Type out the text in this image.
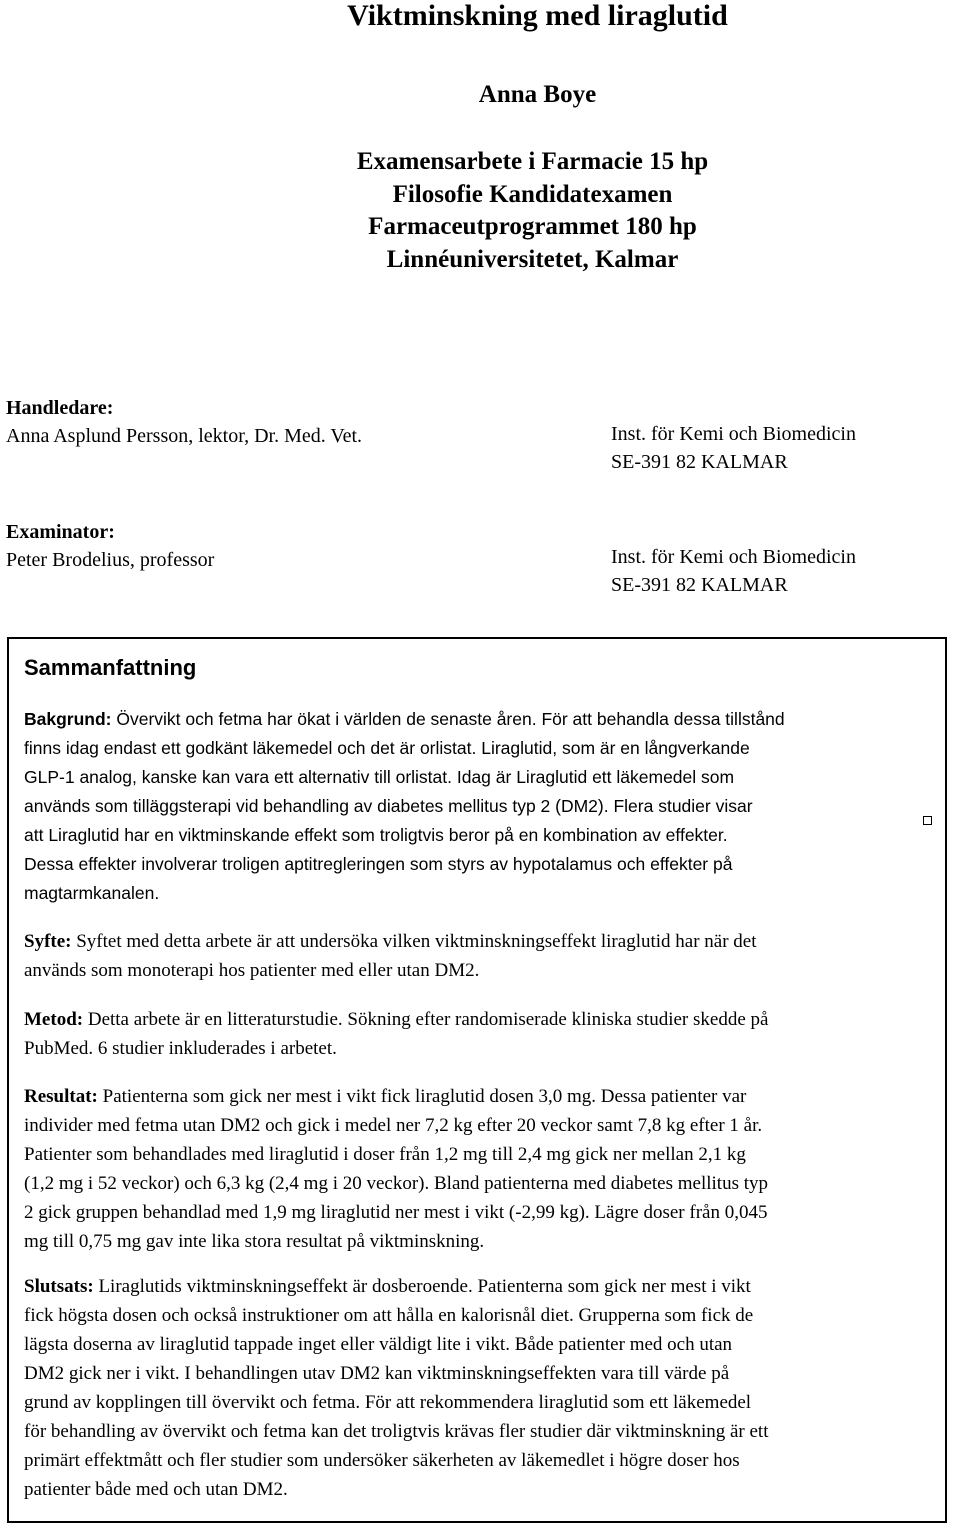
Viktminskning med liraglutid
Anna Boye
Examensarbete i Farmacie 15 hp
Filosofie Kandidatexamen
Farmaceutprogrammet 180 hp
Linnéuniversitetet, Kalmar
Handledare:
Anna Asplund Persson, lektor, Dr. Med. Vet.	Inst. för Kemi och Biomedicin
SE-391 82 KALMAR
Examinator:
Peter Brodelius, professor	Inst. för Kemi och Biomedicin
SE-391 82 KALMAR
Sammanfattning
Bakgrund: Övervikt och fetma har ökat i världen de senaste åren. För att behandla dessa tillstånd
finns idag endast ett godkänt läkemedel och det är orlistat. Liraglutid, som är en långverkande
GLP-1 analog, kanske kan vara ett alternativ till orlistat. Idag är Liraglutid ett läkemedel som
används som tilläggsterapi vid behandling av diabetes mellitus typ 2 (DM2). Flera studier visar
att Liraglutid har en viktminskande effekt som troligtvis beror på en kombination av effekter.
Dessa effekter involverar troligen aptitregleringen som styrs av hypotalamus och effekter på
magtarmkanalen.
Syfte: Syftet med detta arbete är att undersöka vilken viktminskningseffekt liraglutid har när det
används som monoterapi hos patienter med eller utan DM2.
Metod: Detta arbete är en litteraturstudie. Sökning efter randomiserade kliniska studier skedde på
PubMed. 6 studier inkluderades i arbetet.
Resultat: Patienterna som gick ner mest i vikt fick liraglutid dosen 3,0 mg. Dessa patienter var
individer med fetma utan DM2 och gick i medel ner 7,2 kg efter 20 veckor samt 7,8 kg efter 1 år.
Patienter som behandlades med liraglutid i doser från 1,2 mg till 2,4 mg gick ner mellan 2,1 kg
(1,2 mg i 52 veckor) och 6,3 kg (2,4 mg i 20 veckor). Bland patienterna med diabetes mellitus typ
2 gick gruppen behandlad med 1,9 mg liraglutid ner mest i vikt (-2,99 kg). Lägre doser från 0,045
mg till 0,75 mg gav inte lika stora resultat på viktminskning.
Slutsats: Liraglutids viktminskningseffekt är dosberoende. Patienterna som gick ner mest i vikt
fick högsta dosen och också instruktioner om att hålla en kalorisnål diet. Grupperna som fick de
lägsta doserna av liraglutid tappade inget eller väldigt lite i vikt. Både patienter med och utan
DM2 gick ner i vikt. I behandlingen utav DM2 kan viktminskningseffekten vara till värde på
grund av kopplingen till övervikt och fetma. För att rekommendera liraglutid som ett läkemedel
för behandling av övervikt och fetma kan det troligtvis krävas fler studier där viktminskning är ett
primärt effektmått och fler studier som undersöker säkerheten av läkemedlet i högre doser hos
patienter både med och utan DM2.
